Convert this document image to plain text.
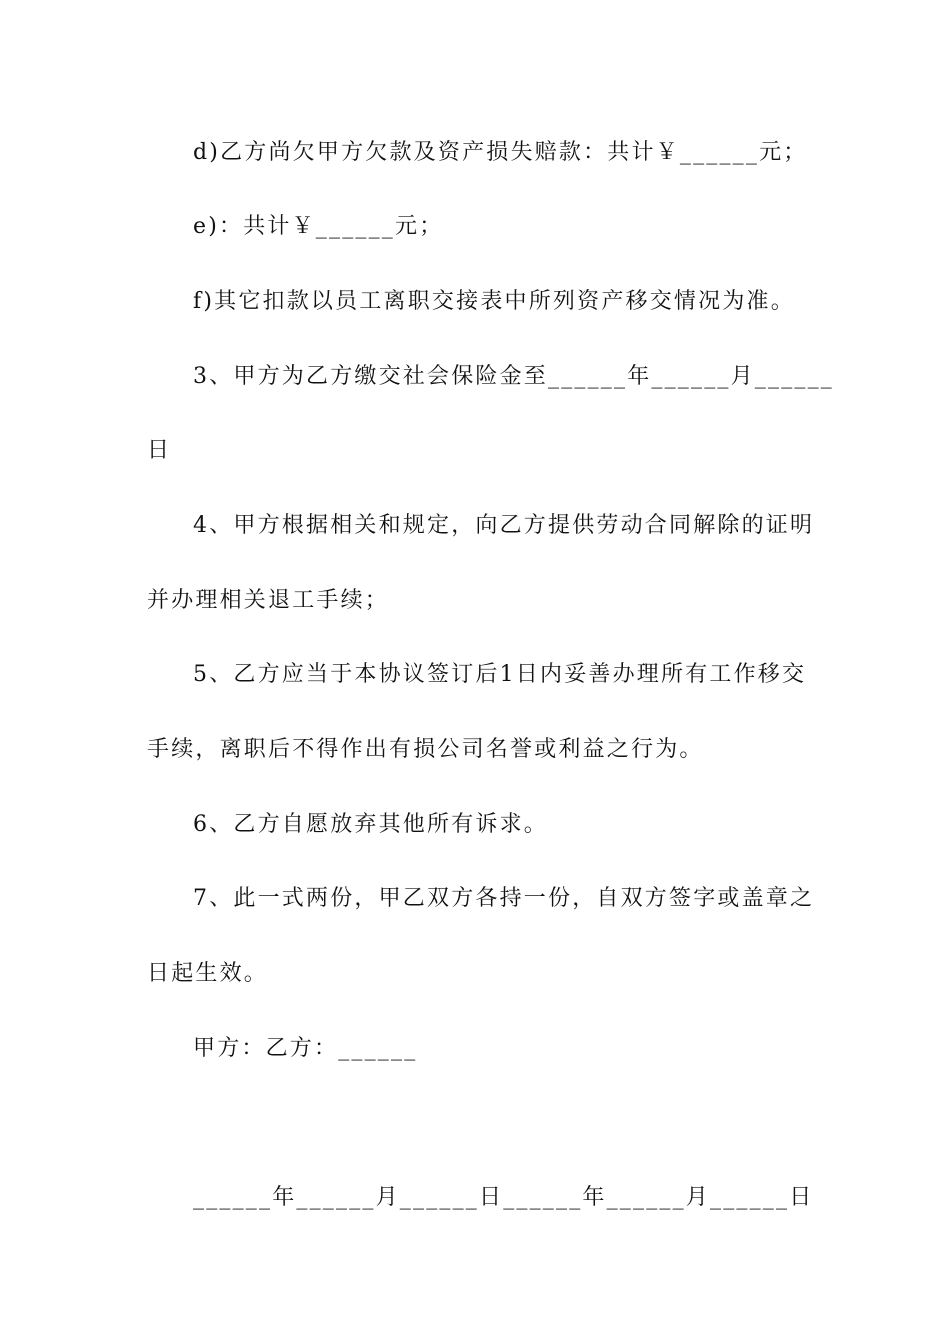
d)乙方尚欠甲方欠款及资产损失赔款：共计￥______元；
e)：共计￥______元；
f)其它扣款以员工离职交接表中所列资产移交情况为准。
3、甲方为乙方缴交社会保险金至______年______月______
日
4、甲方根据相关和规定，向乙方提供劳动合同解除的证明
并办理相关退工手续；
5、乙方应当于本协议签订后1日内妥善办理所有工作移交
手续，离职后不得作出有损公司名誉或利益之行为。
6、乙方自愿放弃其他所有诉求。
7、此一式两份，甲乙双方各持一份，自双方签字或盖章之
日起生效。
甲方：乙方：______
______年______月______日______年______月______日
